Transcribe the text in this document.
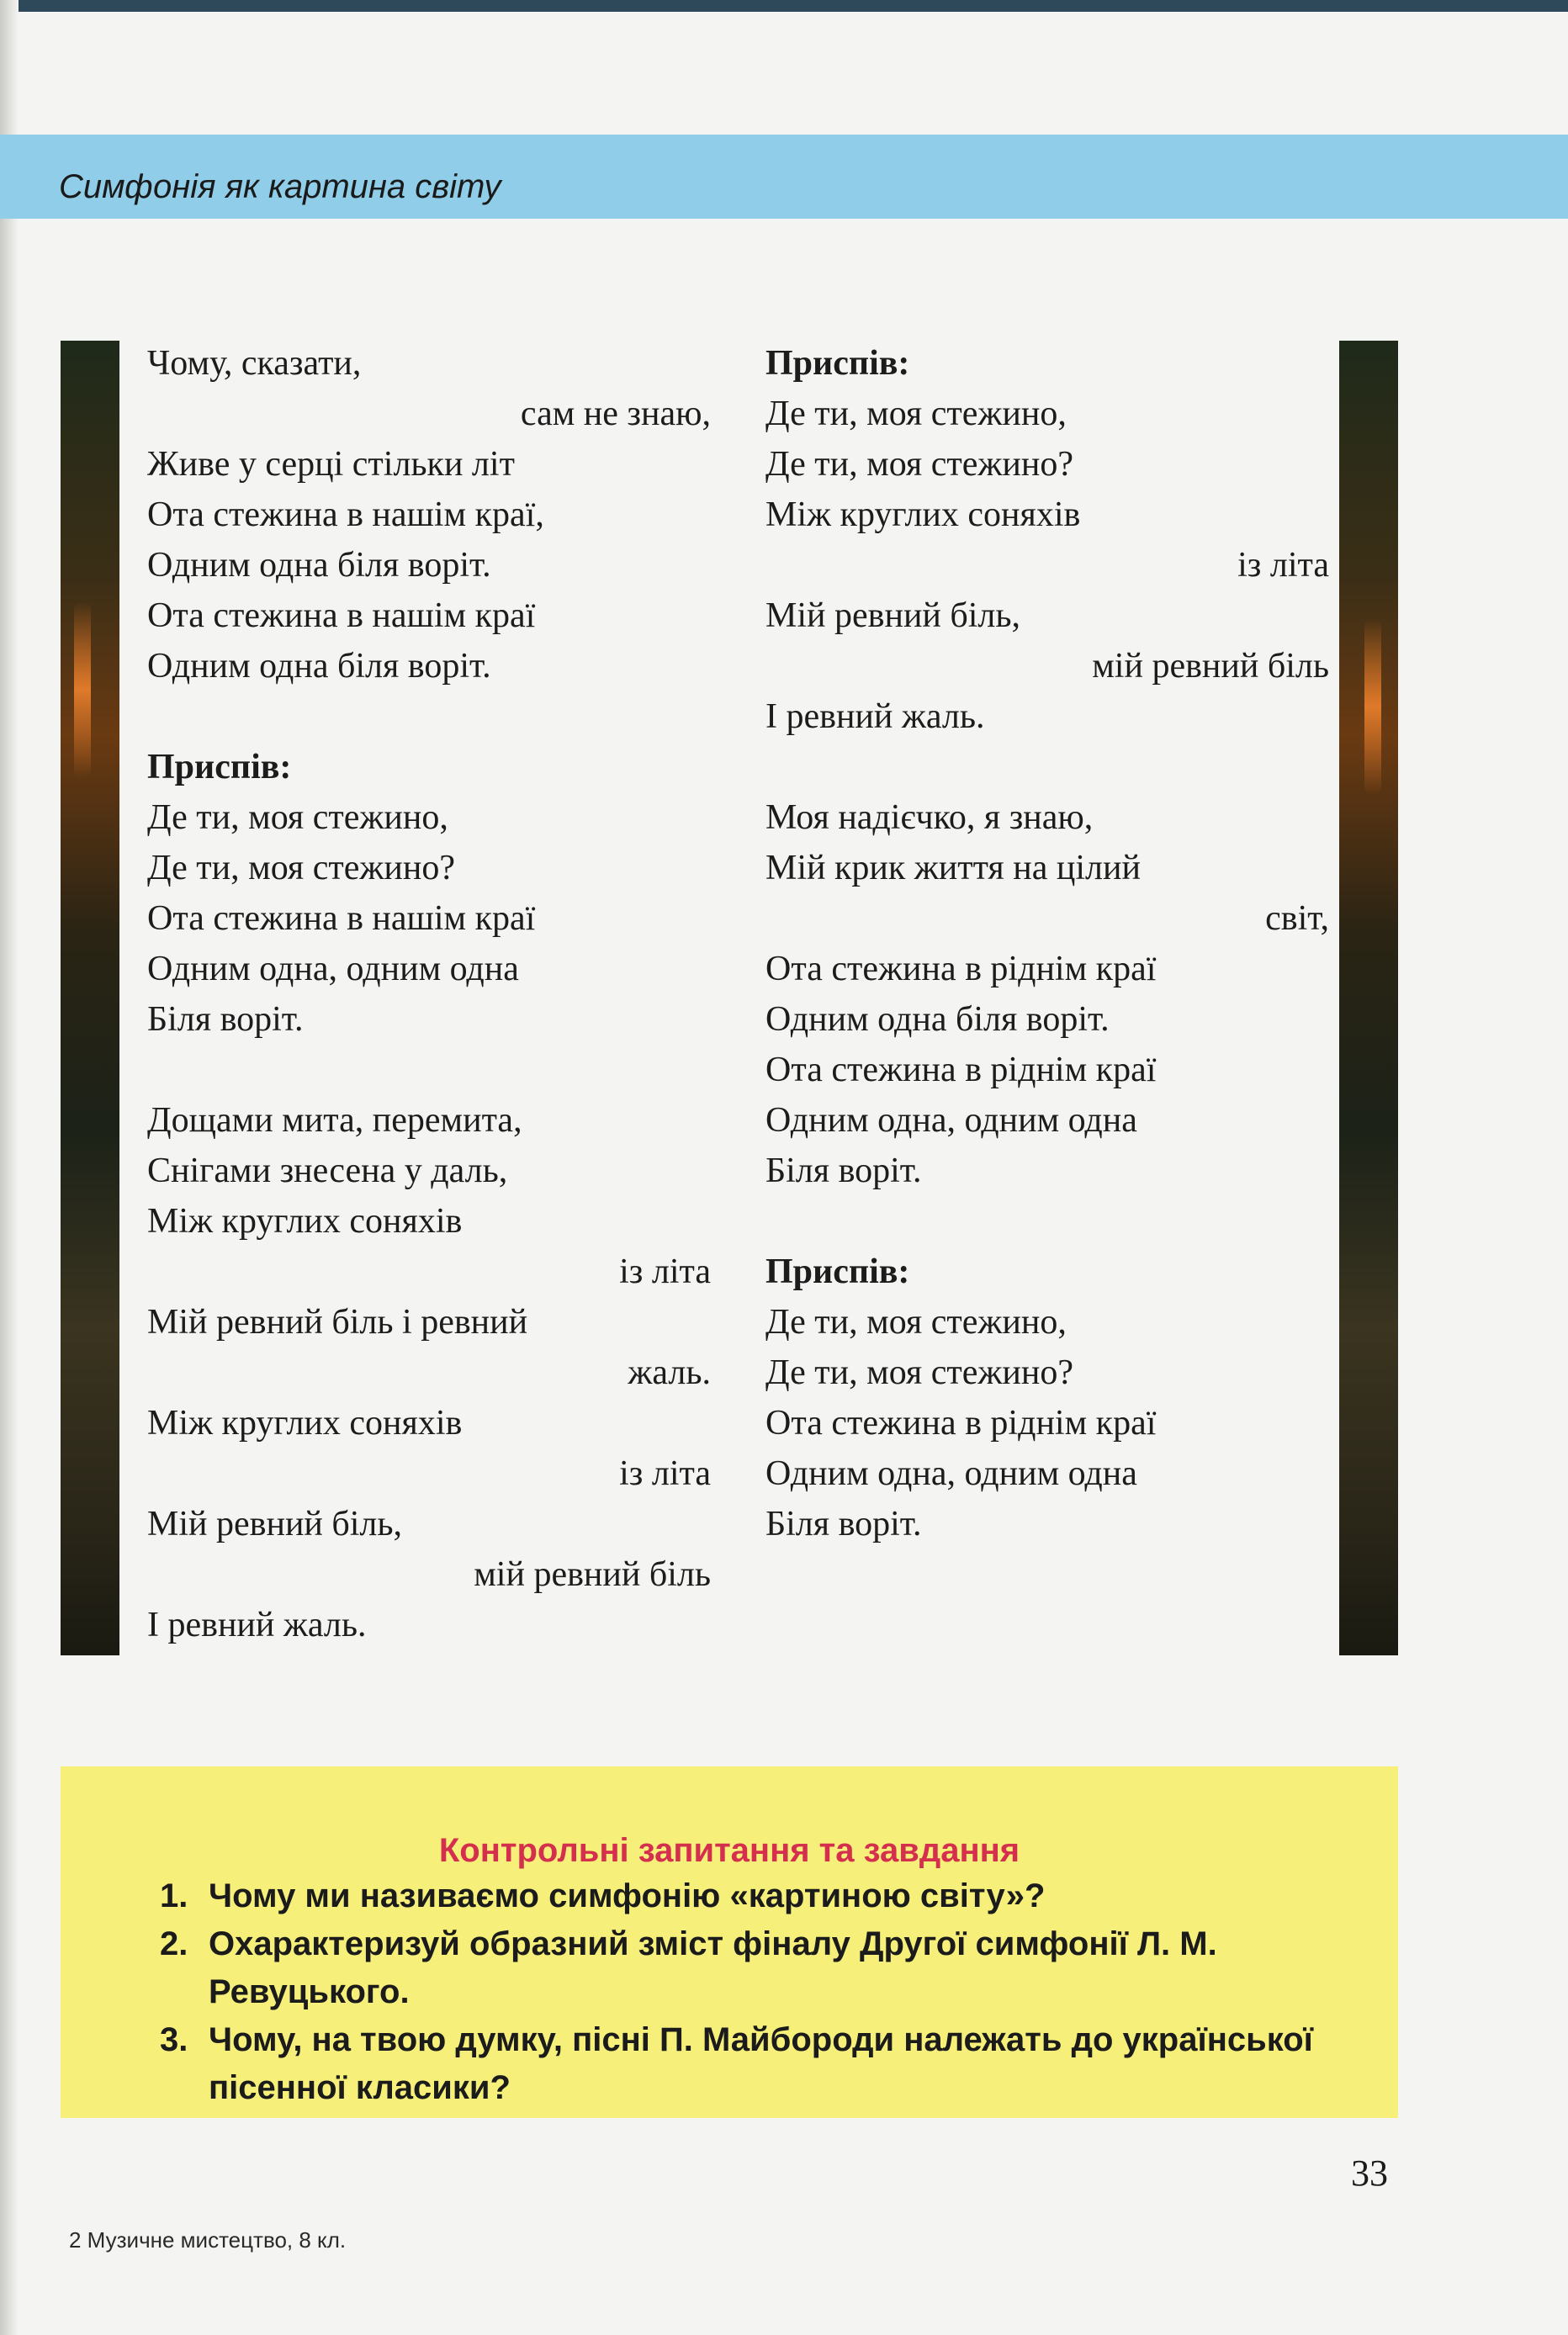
Симфонія як картина світу
Чому, сказати,
сам не знаю,
Живе у серці стільки літ
Ота стежина в нашім краї,
Одним одна біля воріт.
Ота стежина в нашім краї
Одним одна біля воріт.
Приспів:
Де ти, моя стежино,
Де ти, моя стежино?
Ота стежина в нашім краї
Одним одна, одним одна
Біля воріт.
Дощами мита, перемита,
Снігами знесена у даль,
Між круглих соняхів
із літа
Мій ревний біль і ревний
жаль.
Між круглих соняхів
із літа
Мій ревний біль,
мій ревний біль
І ревний жаль.
Приспів:
Де ти, моя стежино,
Де ти, моя стежино?
Між круглих соняхів
із літа
Мій ревний біль,
мій ревний біль
І ревний жаль.
Моя надієчко, я знаю,
Мій крик життя на цілий
світ,
Ота стежина в ріднім краї
Одним одна біля воріт.
Ота стежина в ріднім краї
Одним одна, одним одна
Біля воріт.
Приспів:
Де ти, моя стежино,
Де ти, моя стежино?
Ота стежина в ріднім краї
Одним одна, одним одна
Біля воріт.
Контрольні запитання та завдання
1. Чому ми називаємо симфонію «картиною світу»?
2. Охарактеризуй образний зміст фіналу Другої симфонії Л. М. Ревуцького.
3. Чому, на твою думку, пісні П. Майбороди належать до української пісенної класики?
33
2 Музичне мистецтво, 8 кл.
